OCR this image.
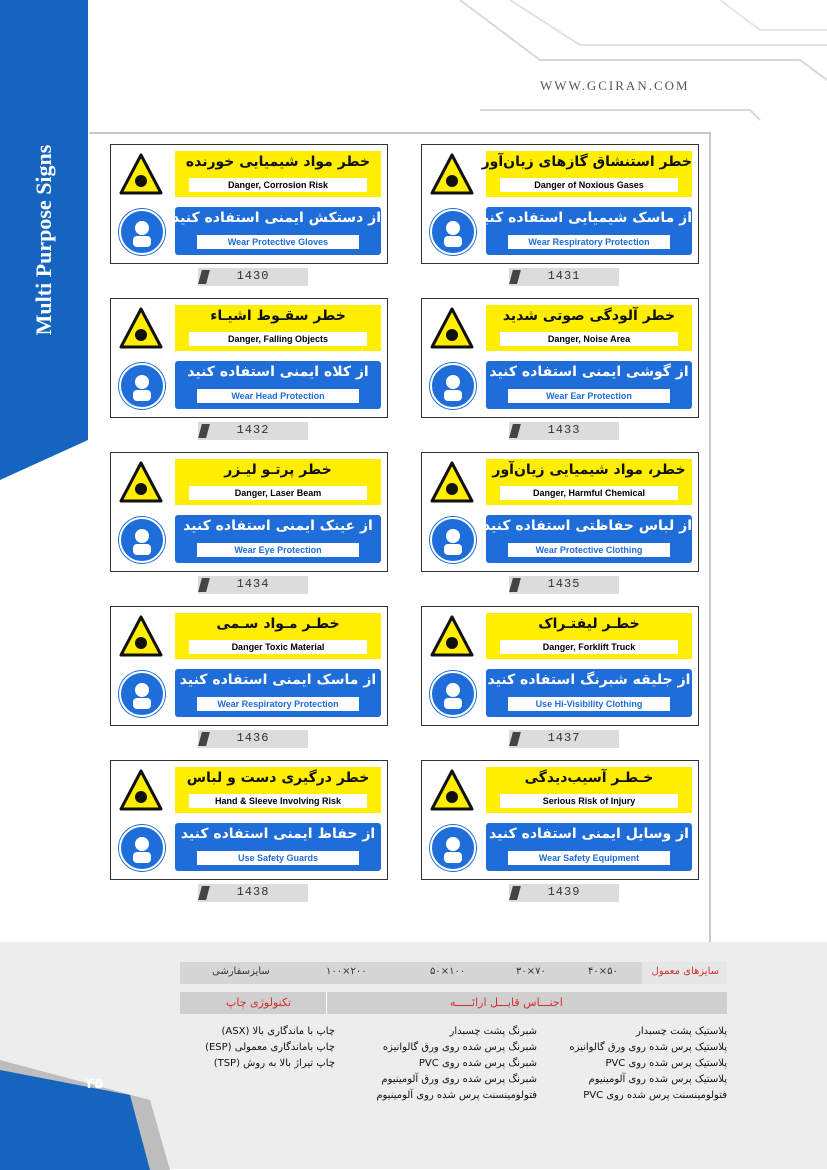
Multi Purpose Signs
WWW.GCIRAN.COM
خطر مواد شیمیایی خورنده
Danger, Corrosion Risk
از دستکش ایمنی استفاده کنید
Wear Protective Gloves
1430
خطر استنشاق گازهای زیان‌آور
Danger of Noxious Gases
از ماسک شیمیایی استفاده کنید
Wear Respiratory Protection
1431
خطر سقـوط اشیـاء
Danger, Falling Objects
از کلاه ایمنی استفاده کنید
Wear Head Protection
1432
خطر آلودگی صوتی شدید
Danger, Noise Area
از گوشی ایمنی استفاده کنید
Wear Ear Protection
1433
خطر پرتـو لیـزر
Danger, Laser Beam
از عینک ایمنی استفاده کنید
Wear Eye Protection
1434
خطر، مواد شیمیایی زیان‌آور
Danger, Harmful Chemical
از لباس حفاظتی استفاده کنید
Wear Protective Clothing
1435
خطـر مـواد سـمی
Danger Toxic Material
از ماسک ایمنی استفاده کنید
Wear Respiratory Protection
1436
خطـر لیفتـراک
Danger, Forklift Truck
از جلیقه شبرنگ استفاده کنید
Use Hi-Visibility Clothing
1437
خطر درگیری دست و لباس
Hand & Sleeve Involving Risk
از حفاظ ایمنی استفاده کنید
Use Safety Guards
1438
خـطـر آسیب‌دیدگی
Serious Risk of Injury
از وسایل ایمنی استفاده کنید
Wear Safety Equipment
1439
سایزهای معمول
۵۰×۴۰
۷۰×۳۰
۱۰۰×۵۰
۲۰۰×۱۰۰
سایزسفارشی
اجنـــاس قابـــل ارائـــــه
تکنولوژی چاپ
پلاستیک پشت چسبدار
پلاستیک پرس شده روی ورق گالوانیزه
پلاستیک پرس شده روی PVC
پلاستیک پرس شده روی آلومینیوم
فتولومینسنت پرس شده روی PVC
شبرنگ پشت چسبدار
شبرنگ پرس شده روی ورق گالوانیزه
شبرنگ پرس شده روی PVC
شبرنگ پرس شده روی ورق آلومینیوم
فتولومینسنت پرس شده روی آلومینیوم
چاپ با ماندگاری بالا (ASX)
چاپ باماندگاری معمولی (ESP)
چاپ تیراژ بالا به روش (TSP)
۴۵
